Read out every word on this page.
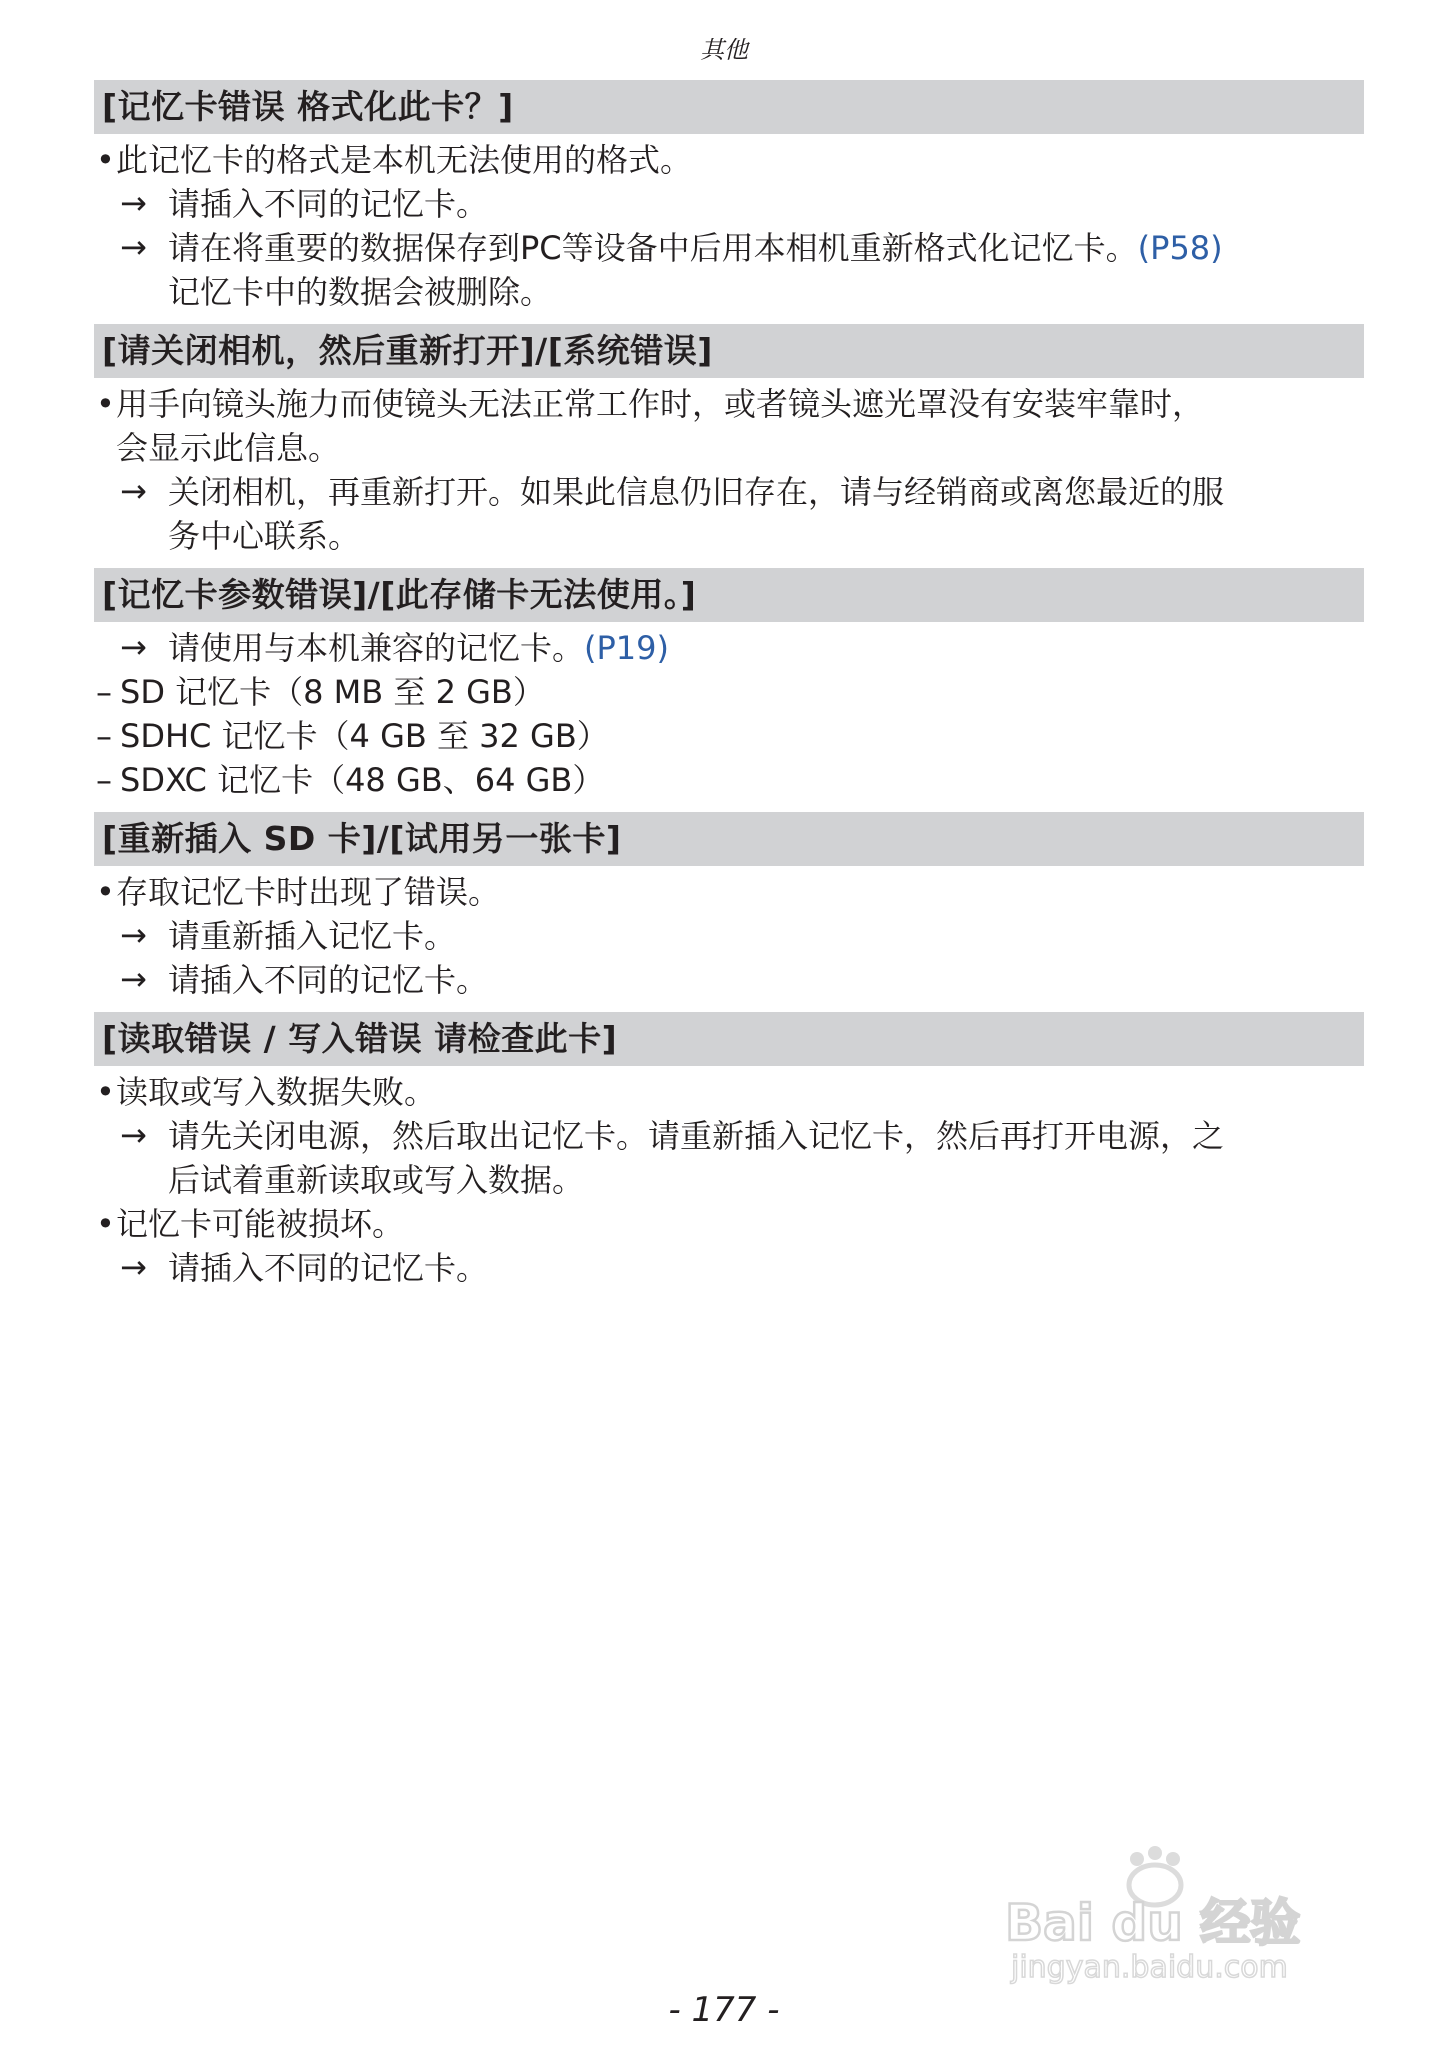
其他
[记忆卡错误 格式化此卡？]
• 此记忆卡的格式是本机无法使用的格式。
→ 请插入不同的记忆卡。
→ 请在将重要的数据保存到PC等设备中后用本相机重新格式化记忆卡。(P58)
记忆卡中的数据会被删除。
[请关闭相机，然后重新打开]/[系统错误]
• 用手向镜头施力而使镜头无法正常工作时，或者镜头遮光罩没有安装牢靠时，
会显示此信息。
→ 关闭相机，再重新打开。如果此信息仍旧存在，请与经销商或离您最近的服
务中心联系。
[记忆卡参数错误]/[此存储卡无法使用。]
→ 请使用与本机兼容的记忆卡。(P19)
– SD 记忆卡（8 MB 至 2 GB）
– SDHC 记忆卡（4 GB 至 32 GB）
– SDXC 记忆卡（48 GB、64 GB）
[重新插入 SD 卡]/[试用另一张卡]
• 存取记忆卡时出现了错误。
→ 请重新插入记忆卡。
→ 请插入不同的记忆卡。
[读取错误 / 写入错误 请检查此卡]
• 读取或写入数据失败。
→ 请先关闭电源，然后取出记忆卡。请重新插入记忆卡，然后再打开电源，之
后试着重新读取或写入数据。
• 记忆卡可能被损坏。
→ 请插入不同的记忆卡。
Bai du 经验
jingyan.baidu.com
- 177 -
